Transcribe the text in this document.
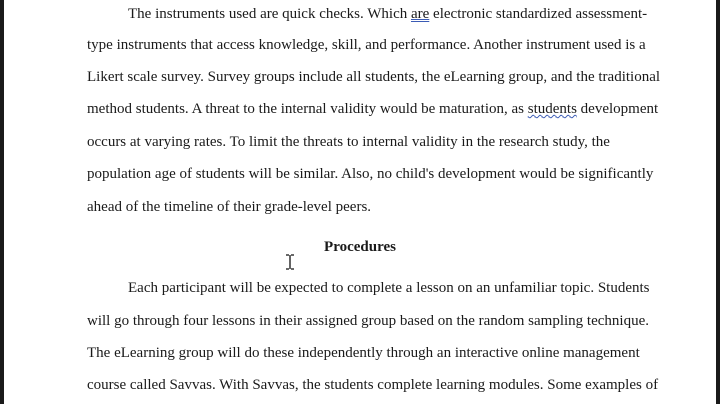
The instruments used are quick checks. Which are electronic standardized assessment-
type instruments that access knowledge, skill, and performance. Another instrument used is a
Likert scale survey. Survey groups include all students, the eLearning group, and the traditional
method students. A threat to the internal validity would be maturation, as students development
occurs at varying rates. To limit the threats to internal validity in the research study, the
population age of students will be similar. Also, no child's development would be significantly
ahead of the timeline of their grade-level peers.
Procedures
Each participant will be expected to complete a lesson on an unfamiliar topic. Students
will go through four lessons in their assigned group based on the random sampling technique.
The eLearning group will do these independently through an interactive online management
course called Savvas. With Savvas, the students complete learning modules. Some examples of
